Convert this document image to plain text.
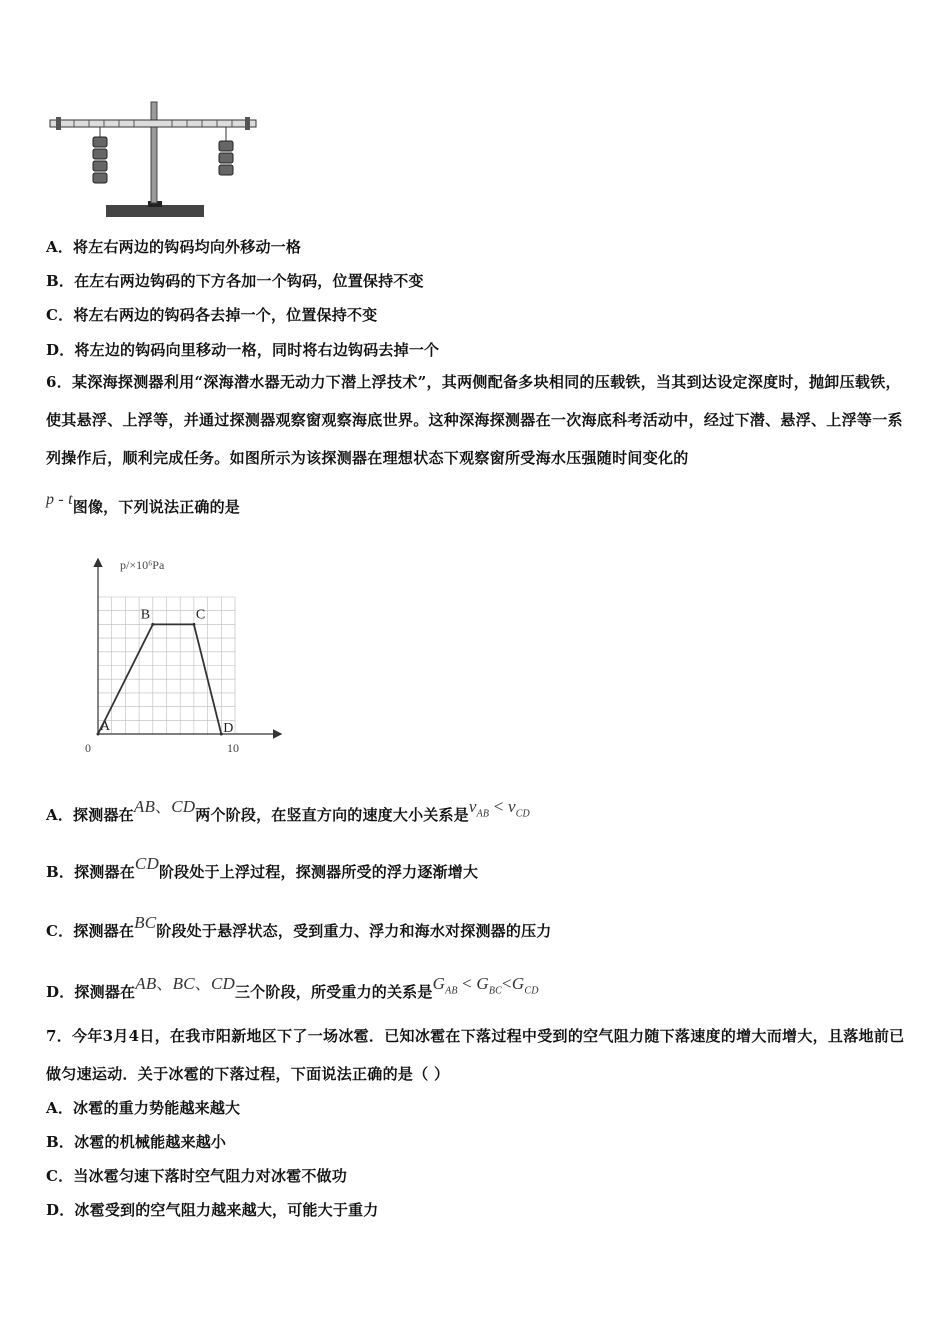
A．将左右两边的钩码均向外移动一格
B．在左右两边钩码的下方各加一个钩码，位置保持不变
C．将左右两边的钩码各去掉一个，位置保持不变
D．将左边的钩码向里移动一格，同时将右边钩码去掉一个
6．某深海探测器利用“深海潜水器无动力下潜上浮技术”，其两侧配备多块相同的压载铁，当其到达设定深度时，抛卸压载铁，使其悬浮、上浮等，并通过探测器观察窗观察海底世界。这种深海探测器在一次海底科考活动中，经过下潜、悬浮、上浮等一系列操作后，顺利完成任务。如图所示为该探测器在理想状态下观察窗所受海水压强随时间变化的
p - t图像，下列说法正确的是
p/×10⁶Pa
A
B	C
D
0	10
A．探测器在AB、CD两个阶段，在竖直方向的速度大小关系是$v_{AB} < v_{CD}$
B．探测器在CD阶段处于上浮过程，探测器所受的浮力逐渐增大
C．探测器在BC阶段处于悬浮状态，受到重力、浮力和海水对探测器的压力
D．探测器在AB、BC、CD三个阶段，所受重力的关系是$G_{AB} < G_{BC}<G_{CD}$
7．今年3月4日，在我市阳新地区下了一场冰雹．已知冰雹在下落过程中受到的空气阻力随下落速度的增大而增大，且落地前已做匀速运动．关于冰雹的下落过程，下面说法正确的是（ ）
A．冰雹的重力势能越来越大
B．冰雹的机械能越来越小
C．当冰雹匀速下落时空气阻力对冰雹不做功
D．冰雹受到的空气阻力越来越大，可能大于重力
